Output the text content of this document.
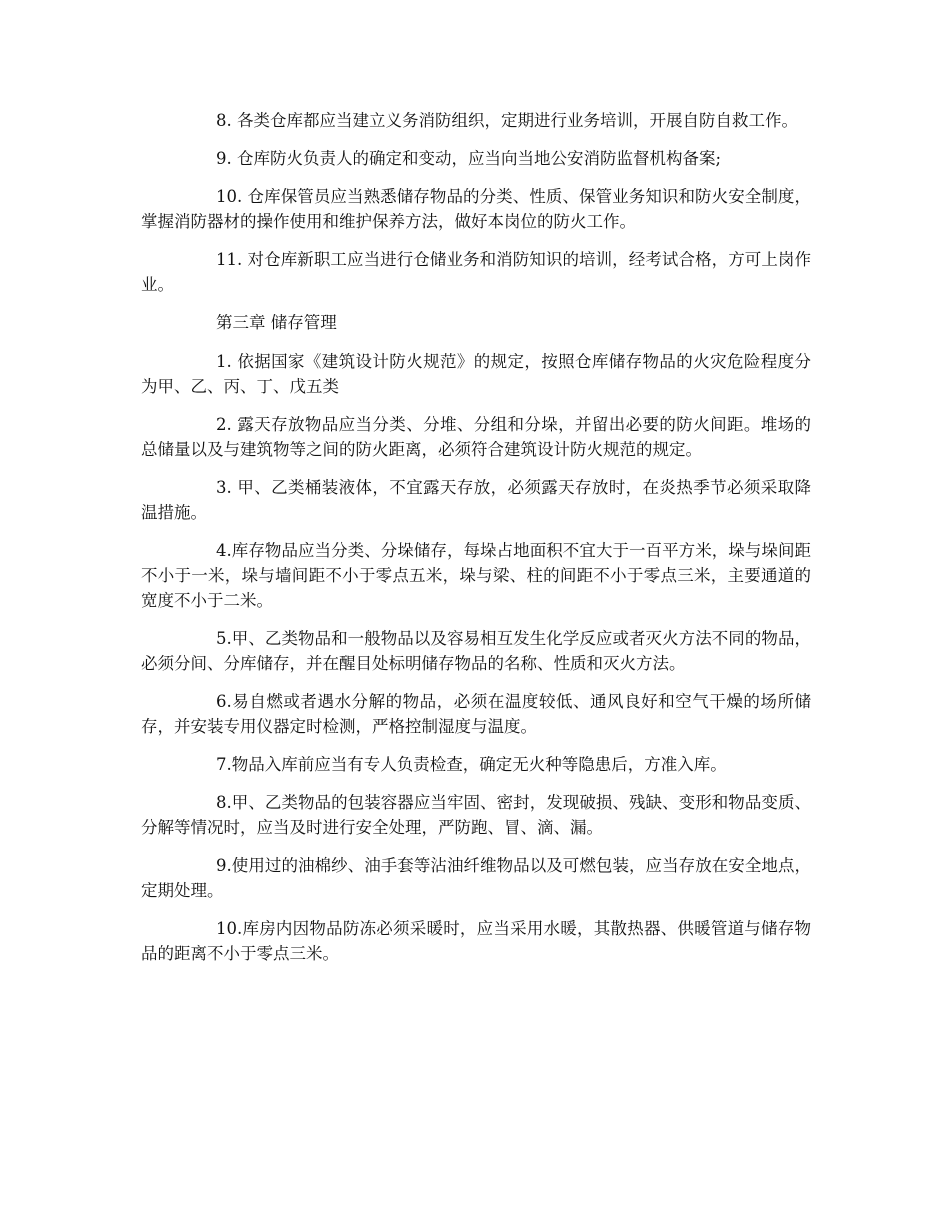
8. 各类仓库都应当建立义务消防组织，定期进行业务培训，开展自防自救工作。

9. 仓库防火负责人的确定和变动，应当向当地公安消防监督机构备案;

10. 仓库保管员应当熟悉储存物品的分类、性质、保管业务知识和防火安全制度，掌握消防器材的操作使用和维护保养方法，做好本岗位的防火工作。

11. 对仓库新职工应当进行仓储业务和消防知识的培训，经考试合格，方可上岗作业。

第三章 储存管理

1. 依据国家《建筑设计防火规范》的规定，按照仓库储存物品的火灾危险程度分为甲、乙、丙、丁、戊五类

2. 露天存放物品应当分类、分堆、分组和分垛，并留出必要的防火间距。堆场的总储量以及与建筑物等之间的防火距离，必须符合建筑设计防火规范的规定。

3. 甲、乙类桶装液体，不宜露天存放，必须露天存放时，在炎热季节必须采取降温措施。

4.库存物品应当分类、分垛储存，每垛占地面积不宜大于一百平方米，垛与垛间距不小于一米，垛与墙间距不小于零点五米，垛与梁、柱的间距不小于零点三米，主要通道的宽度不小于二米。

5.甲、乙类物品和一般物品以及容易相互发生化学反应或者灭火方法不同的物品，必须分间、分库储存，并在醒目处标明储存物品的名称、性质和灭火方法。

6.易自燃或者遇水分解的物品，必须在温度较低、通风良好和空气干燥的场所储存，并安装专用仪器定时检测，严格控制湿度与温度。

7.物品入库前应当有专人负责检查，确定无火种等隐患后，方准入库。

8.甲、乙类物品的包装容器应当牢固、密封，发现破损、残缺、变形和物品变质、分解等情况时，应当及时进行安全处理，严防跑、冒、滴、漏。

9.使用过的油棉纱、油手套等沾油纤维物品以及可燃包装，应当存放在安全地点，定期处理。

10.库房内因物品防冻必须采暖时，应当采用水暖，其散热器、供暖管道与储存物品的距离不小于零点三米。
